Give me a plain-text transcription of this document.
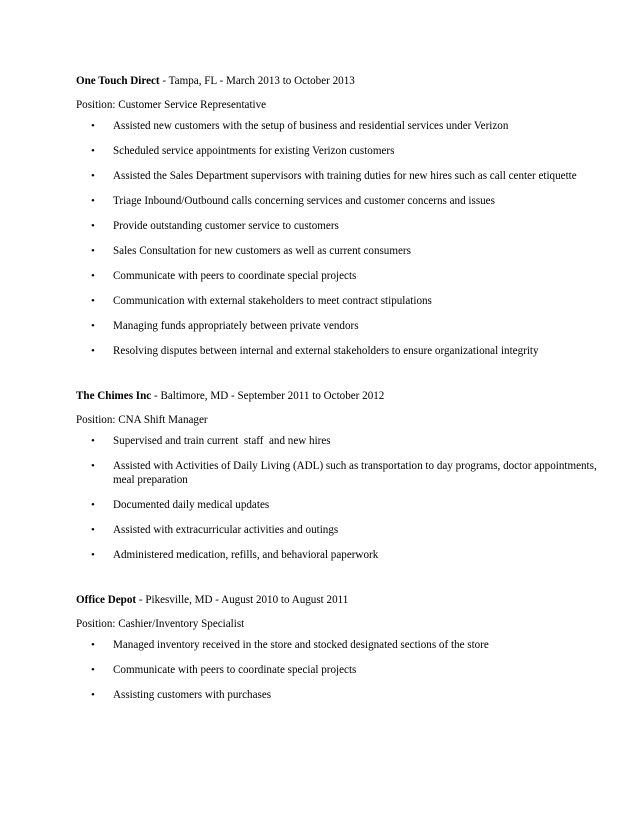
One Touch Direct - Tampa, FL - March 2013 to October 2013

Position: Customer Service Representative

• Assisted new customers with the setup of business and residential services under Verizon
• Scheduled service appointments for existing Verizon customers
• Assisted the Sales Department supervisors with training duties for new hires such as call center etiquette
• Triage Inbound/Outbound calls concerning services and customer concerns and issues
• Provide outstanding customer service to customers
• Sales Consultation for new customers as well as current consumers
• Communicate with peers to coordinate special projects
• Communication with external stakeholders to meet contract stipulations
• Managing funds appropriately between private vendors
• Resolving disputes between internal and external stakeholders to ensure organizational integrity

The Chimes Inc - Baltimore, MD - September 2011 to October 2012

Position: CNA Shift Manager

• Supervised and train current  staff  and new hires
• Assisted with Activities of Daily Living (ADL) such as transportation to day programs, doctor appointments, meal preparation
• Documented daily medical updates
• Assisted with extracurricular activities and outings
• Administered medication, refills, and behavioral paperwork

Office Depot - Pikesville, MD - August 2010 to August 2011

Position: Cashier/Inventory Specialist

• Managed inventory received in the store and stocked designated sections of the store
• Communicate with peers to coordinate special projects
• Assisting customers with purchases
